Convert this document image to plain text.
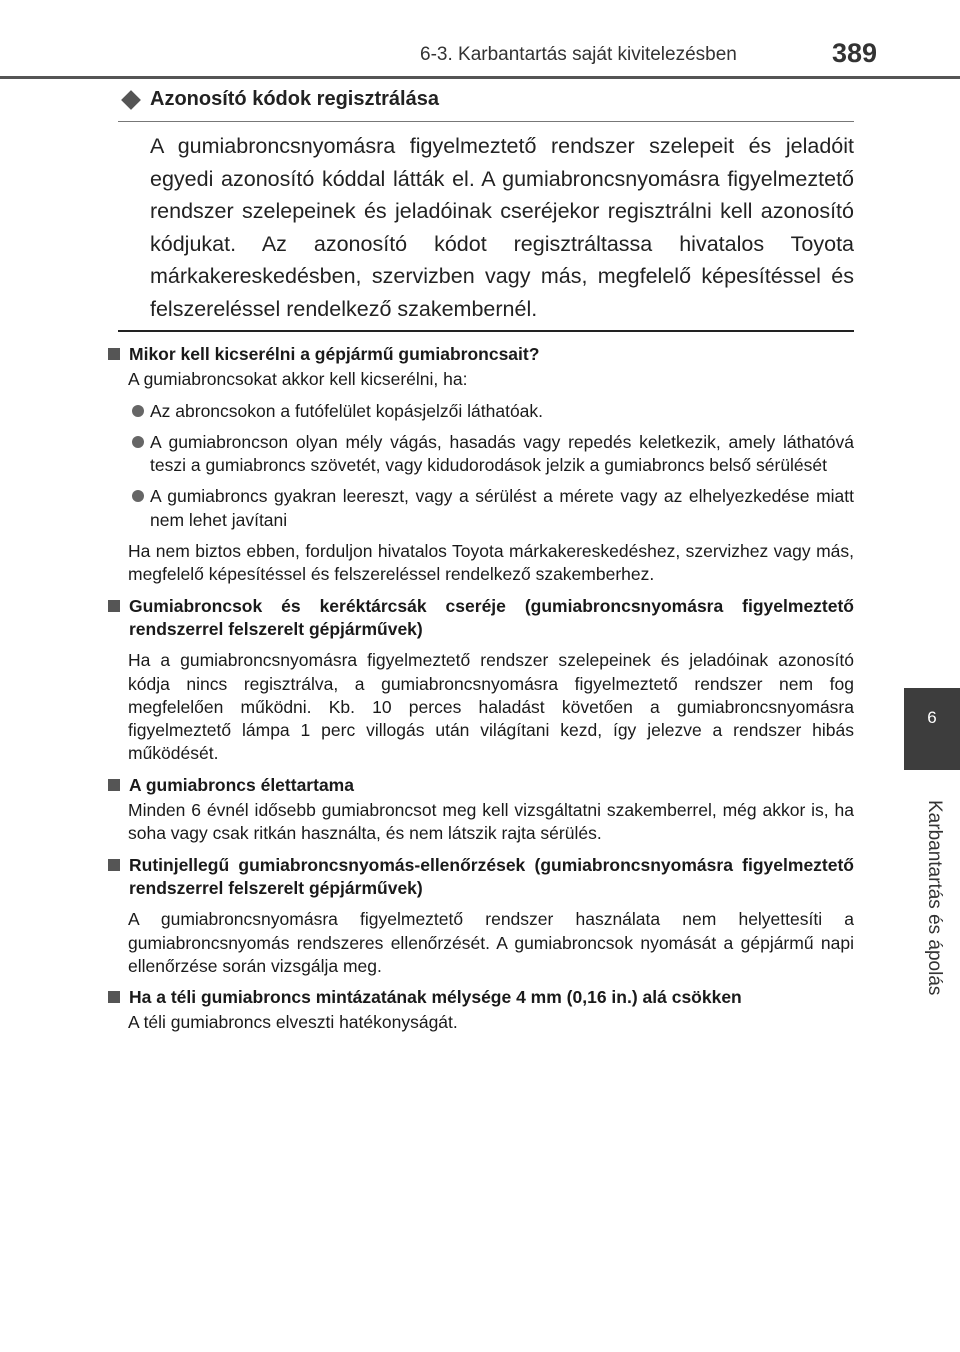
6-3. Karbantartás saját kivitelezésben	389
6
Karbantartás és ápolás
Azonosító kódok regisztrálása
A gumiabroncsnyomásra figyelmeztető rendszer szelepeit és jeladóit egyedi azonosító kóddal látták el. A gumiabroncsnyomásra figyelmeztető rendszer szelepeinek és jeladóinak cseréjekor regisztrálni kell azonosító kódjukat. Az azonosító kódot regisztráltassa hivatalos Toyota márkakereskedésben, szervizben vagy más, megfelelő képesítéssel és felszereléssel rendelkező szakembernél.
Mikor kell kicserélni a gépjármű gumiabroncsait?
A gumiabroncsokat akkor kell kicserélni, ha:
Az abroncsokon a futófelület kopásjelzői láthatóak.
A gumiabroncson olyan mély vágás, hasadás vagy repedés keletkezik, amely láthatóvá teszi a gumiabroncs szövetét, vagy kidudorodások jelzik a gumiabroncs belső sérülését
A gumiabroncs gyakran leereszt, vagy a sérülést a mérete vagy az elhelyezkedése miatt nem lehet javítani
Ha nem biztos ebben, forduljon hivatalos Toyota márkakereskedéshez, szervizhez vagy más, megfelelő képesítéssel és felszereléssel rendelkező szakemberhez.
Gumiabroncsok és keréktárcsák cseréje (gumiabroncsnyomásra figyelmeztető rendszerrel felszerelt gépjárművek)
Ha a gumiabroncsnyomásra figyelmeztető rendszer szelepeinek és jeladóinak azonosító kódja nincs regisztrálva, a gumiabroncsnyomásra figyelmeztető rendszer nem fog megfelelően működni. Kb. 10 perces haladást követően a gumiabroncsnyomásra figyelmeztető lámpa 1 perc villogás után világítani kezd, így jelezve a rendszer hibás működését.
A gumiabroncs élettartama
Minden 6 évnél idősebb gumiabroncsot meg kell vizsgáltatni szakemberrel, még akkor is, ha soha vagy csak ritkán használta, és nem látszik rajta sérülés.
Rutinjellegű gumiabroncsnyomás-ellenőrzések (gumiabroncsnyomásra figyelmeztető rendszerrel felszerelt gépjárművek)
A gumiabroncsnyomásra figyelmeztető rendszer használata nem helyettesíti a gumiabroncsnyomás rendszeres ellenőrzését. A gumiabroncsok nyomását a gépjármű napi ellenőrzése során vizsgálja meg.
Ha a téli gumiabroncs mintázatának mélysége 4 mm (0,16 in.) alá csökken
A téli gumiabroncs elveszti hatékonyságát.
